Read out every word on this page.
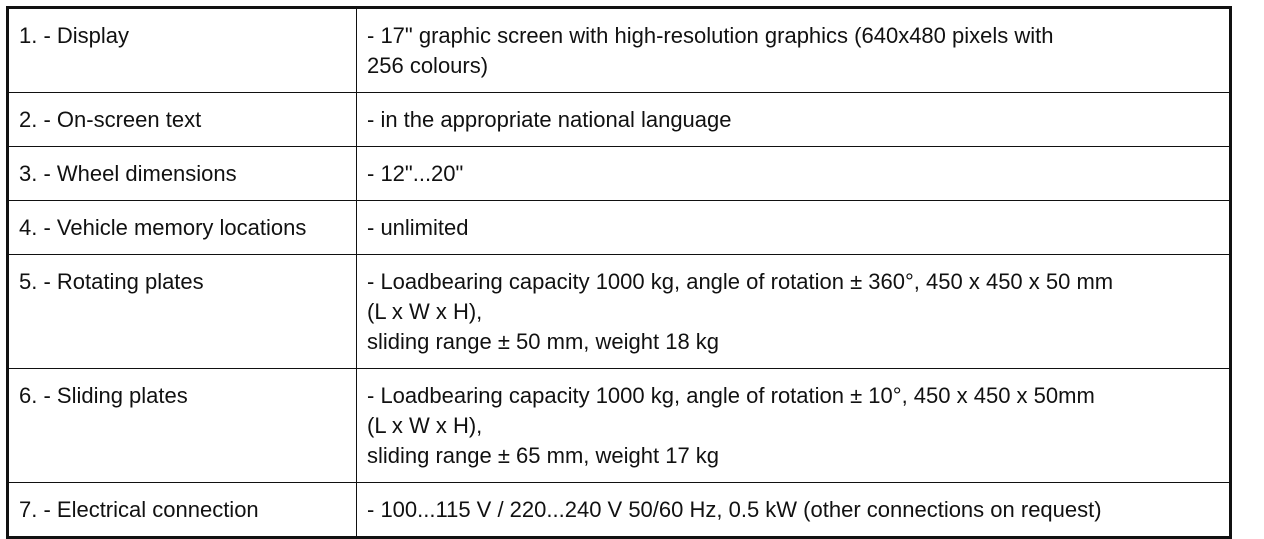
1. - Display	- 17" graphic screen with high-resolution graphics (640x480 pixels with
256 colours)

2. - On-screen text	- in the appropriate national language

3. - Wheel dimensions	- 12"...20"

4. - Vehicle memory locations	- unlimited

5. - Rotating plates	- Loadbearing capacity 1000 kg, angle of rotation ± 360°, 450 x 450 x 50 mm
(L x W x H),
sliding range ± 50 mm, weight 18 kg

6. - Sliding plates	- Loadbearing capacity 1000 kg, angle of rotation ± 10°, 450 x 450 x 50mm
(L x W x H),
sliding range ± 65 mm, weight 17 kg

7. - Electrical connection	- 100...115 V / 220...240 V 50/60 Hz, 0.5 kW (other connections on request)
